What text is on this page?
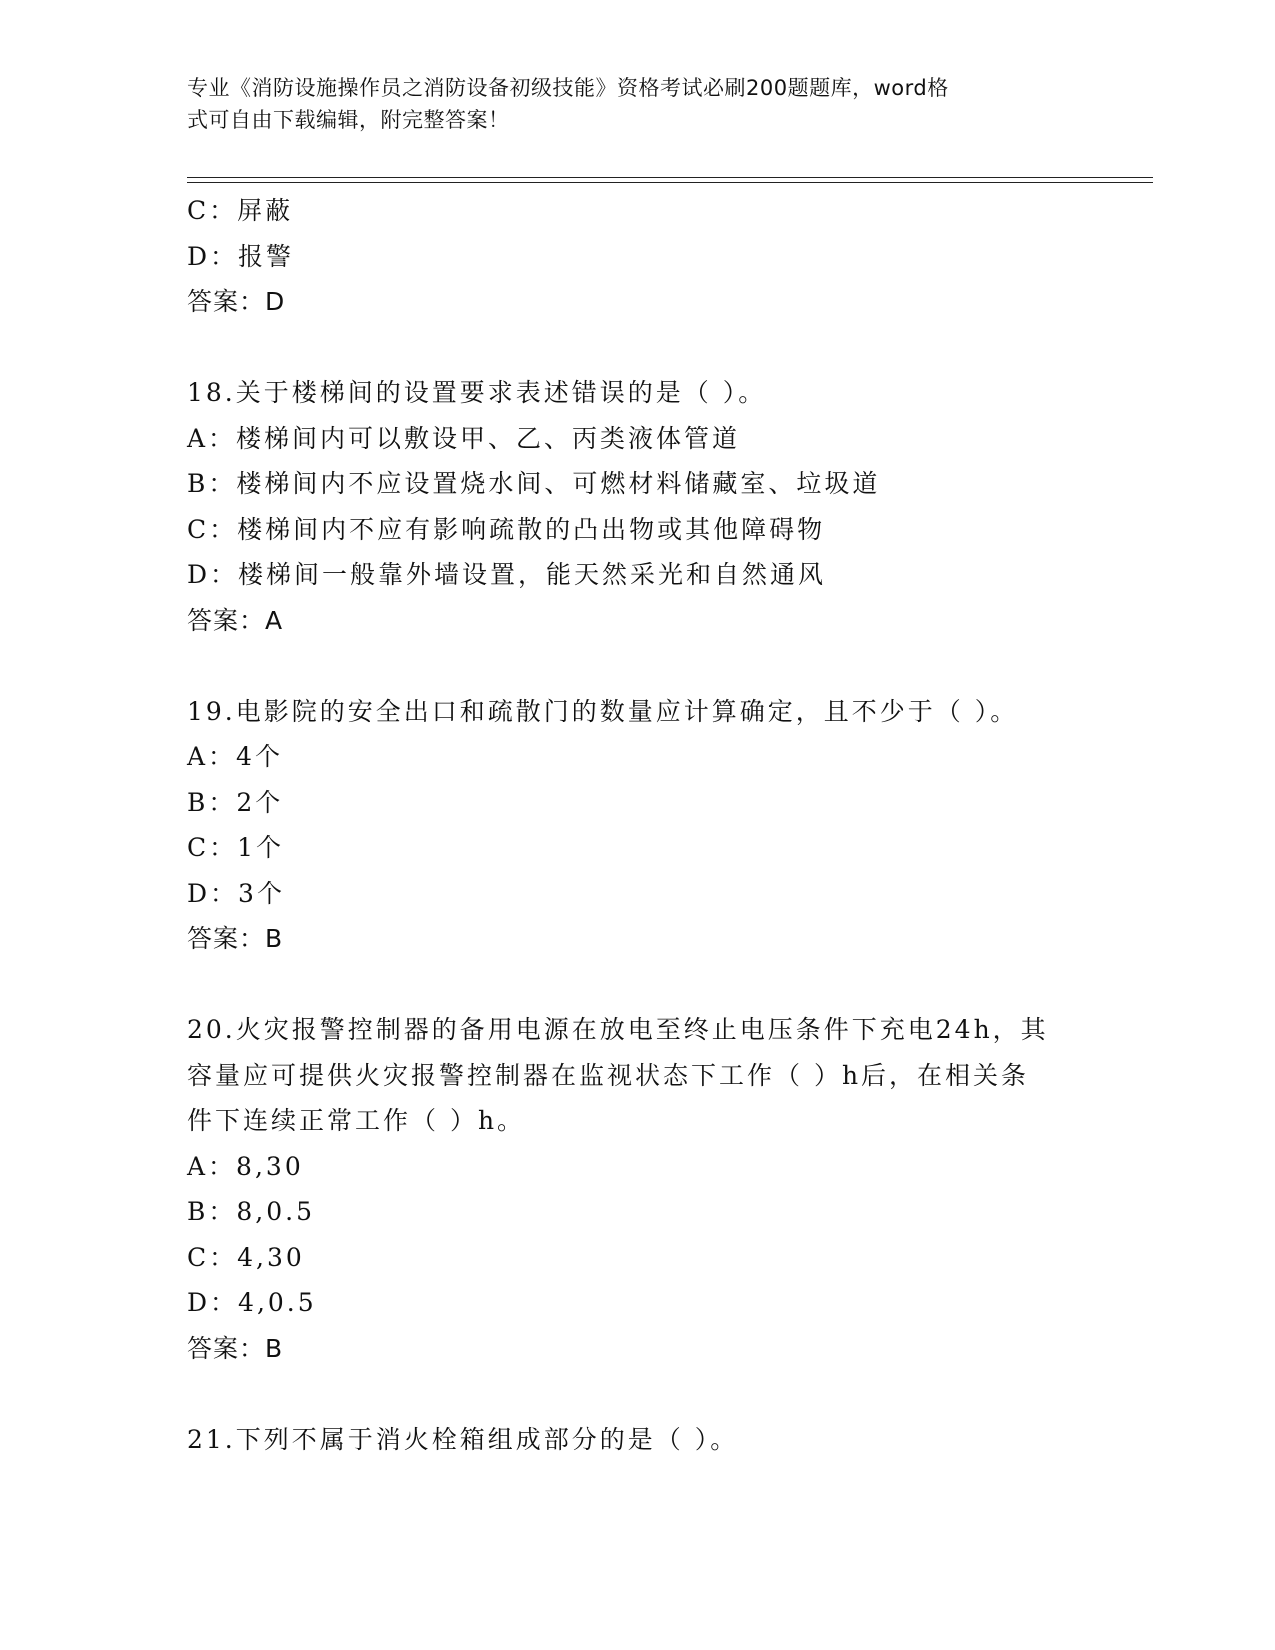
专业《消防设施操作员之消防设备初级技能》资格考试必刷200题题库，word格
式可自由下载编辑，附完整答案！
C：屏蔽
D：报警
答案：D
18.关于楼梯间的设置要求表述错误的是（ ）。
A：楼梯间内可以敷设甲、乙、丙类液体管道
B：楼梯间内不应设置烧水间、可燃材料储藏室、垃圾道
C：楼梯间内不应有影响疏散的凸出物或其他障碍物
D：楼梯间一般靠外墙设置，能天然采光和自然通风
答案：A
19.电影院的安全出口和疏散门的数量应计算确定，且不少于（ ）。
A：4个
B：2个
C：1个
D：3个
答案：B
20.火灾报警控制器的备用电源在放电至终止电压条件下充电24h，其
容量应可提供火灾报警控制器在监视状态下工作（ ）h后，在相关条
件下连续正常工作（ ）h。
A：8,30
B：8,0.5
C：4,30
D：4,0.5
答案：B
21.下列不属于消火栓箱组成部分的是（ ）。
